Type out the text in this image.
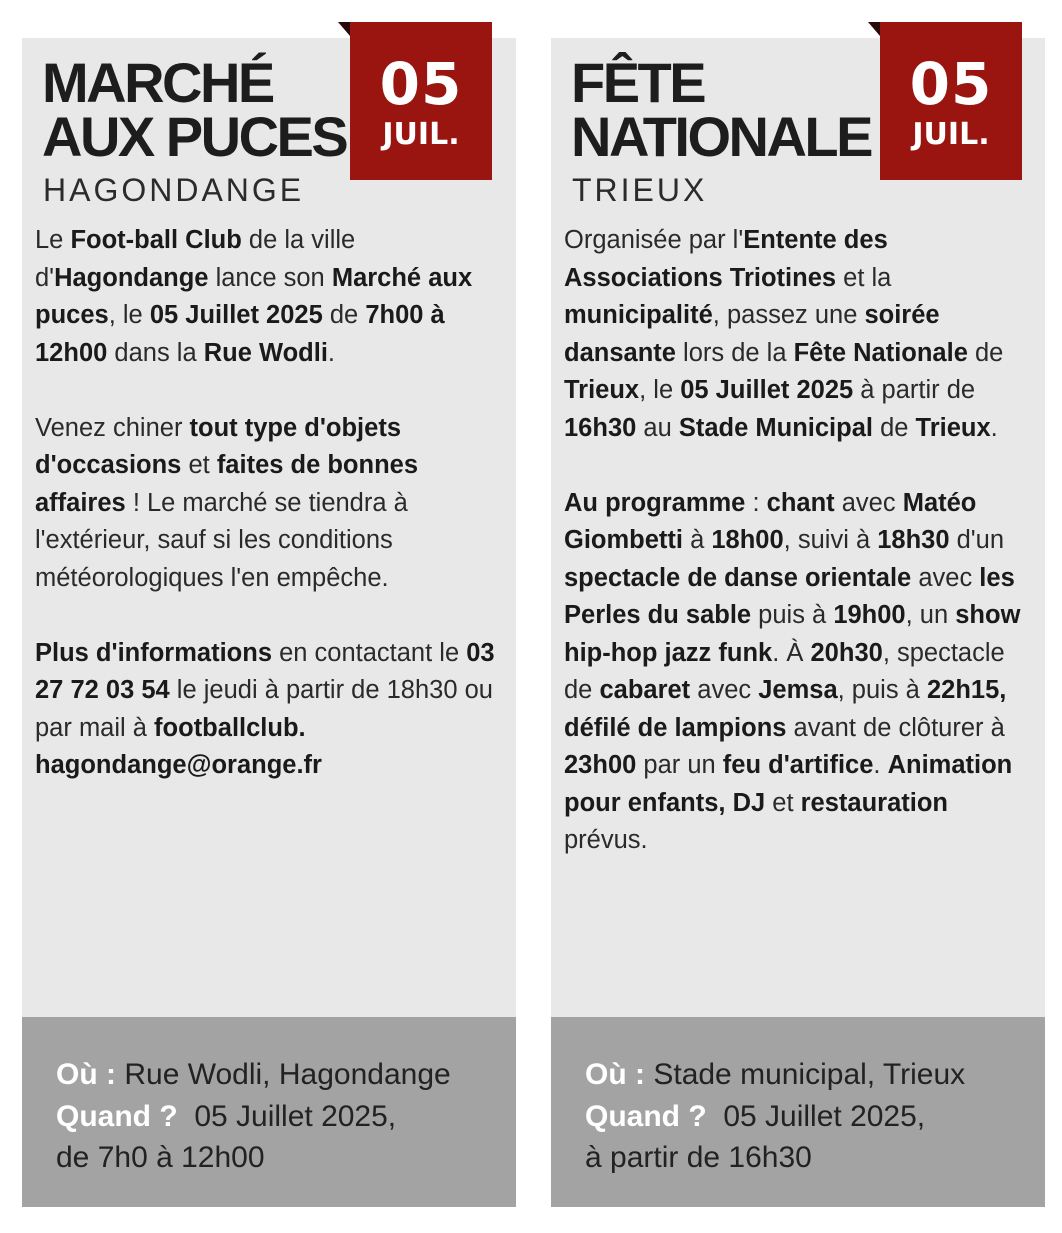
MARCHÉ
AUX PUCES
HAGONDANGE
05
JUIL.

Le Foot-ball Club de la ville d'Hagondange lance son Marché aux puces, le 05 Juillet 2025 de 7h00 à 12h00 dans la Rue Wodli.

Venez chiner tout type d'objets d'occasions et faites de bonnes affaires ! Le marché se tiendra à l'extérieur, sauf si les conditions météorologiques l'en empêche.

Plus d'informations en contactant le 03 27 72 03 54 le jeudi à partir de 18h30 ou par mail à footballclub. hagondange@orange.fr

Où : Rue Wodli, Hagondange
Quand ? 05 Juillet 2025,
de 7h0 à 12h00
FÊTE
NATIONALE
TRIEUX
05
JUIL.

Organisée par l'Entente des Associations Triotines et la municipalité, passez une soirée dansante lors de la Fête Nationale de Trieux, le 05 Juillet 2025 à partir de 16h30 au Stade Municipal de Trieux.

Au programme : chant avec Matéo Giombetti à 18h00, suivi à 18h30 d'un spectacle de danse orientale avec les Perles du sable puis à 19h00, un show hip-hop jazz funk. À 20h30, spectacle de cabaret avec Jemsa, puis à 22h15, défilé de lampions avant de clôturer à 23h00 par un feu d'artifice. Animation pour enfants, DJ et restauration prévus.

Où : Stade municipal, Trieux
Quand ? 05 Juillet 2025,
à partir de 16h30
